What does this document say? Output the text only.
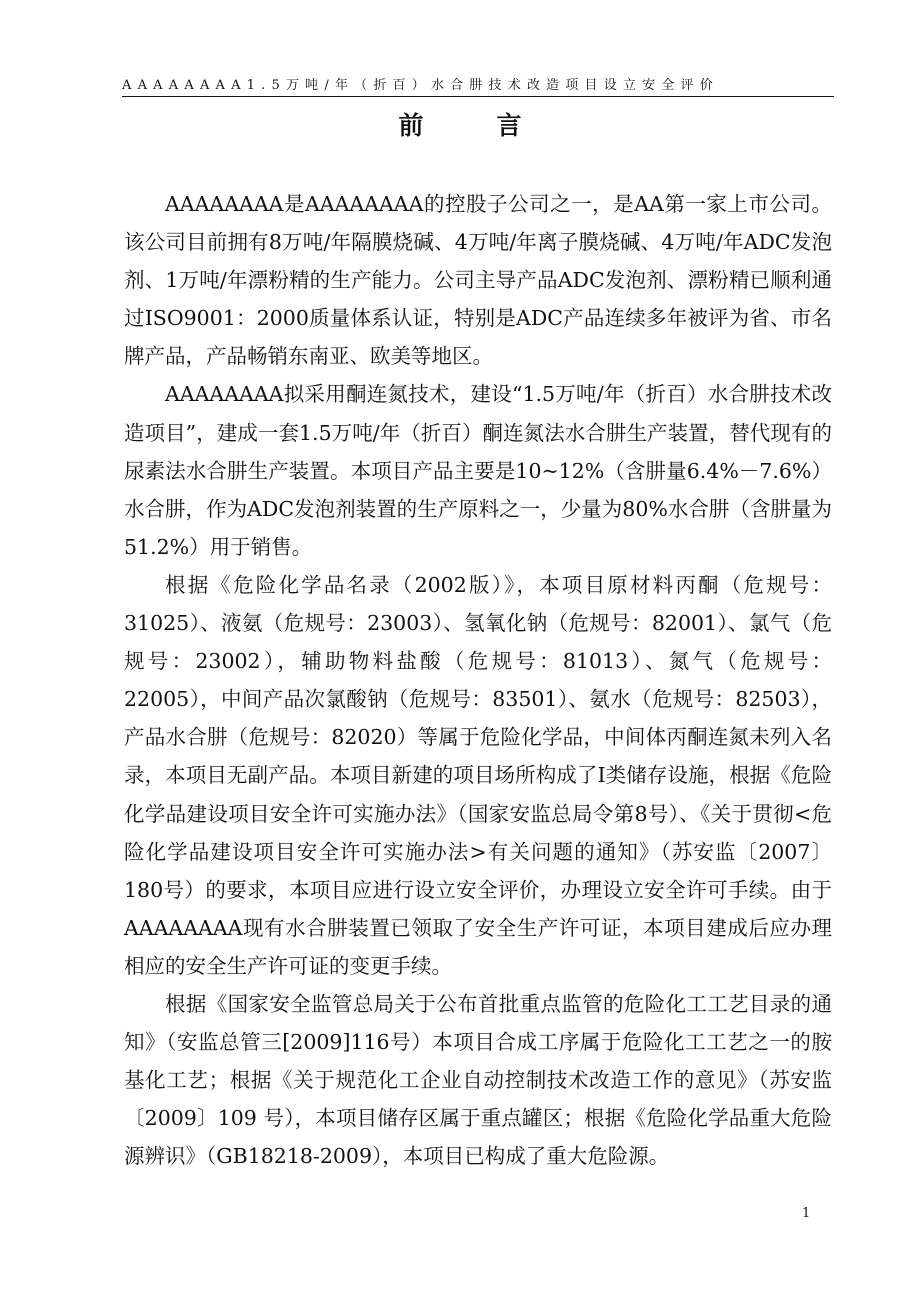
AAAAAAAA1.5万吨/年（折百）水合肼技术改造项目设立安全评价
前　言

AAAAAAAA是AAAAAAAA的控股子公司之一，是AA第一家上市公司。该公司目前拥有8万吨/年隔膜烧碱、4万吨/年离子膜烧碱、4万吨/年ADC发泡剂、1万吨/年漂粉精的生产能力。公司主导产品ADC发泡剂、漂粉精已顺利通过ISO9001：2000质量体系认证，特别是ADC产品连续多年被评为省、市名牌产品，产品畅销东南亚、欧美等地区。

AAAAAAAA拟采用酮连氮技术，建设“1.5万吨/年（折百）水合肼技术改造项目”，建成一套1.5万吨/年（折百）酮连氮法水合肼生产装置，替代现有的尿素法水合肼生产装置。本项目产品主要是10~12%（含肼量6.4%－7.6%）水合肼，作为ADC发泡剂装置的生产原料之一，少量为80%水合肼（含肼量为51.2%）用于销售。

根据《危险化学品名录（2002版）》，本项目原材料丙酮（危规号：31025）、液氨（危规号：23003）、氢氧化钠（危规号：82001）、氯气（危规号：23002），辅助物料盐酸（危规号：81013）、氮气（危规号：22005），中间产品次氯酸钠（危规号：83501）、氨水（危规号：82503），产品水合肼（危规号：82020）等属于危险化学品，中间体丙酮连氮未列入名录，本项目无副产品。本项目新建的项目场所构成了Ⅰ类储存设施，根据《危险化学品建设项目安全许可实施办法》（国家安监总局令第8号）、《关于贯彻<危险化学品建设项目安全许可实施办法>有关问题的通知》（苏安监〔2007〕180号）的要求，本项目应进行设立安全评价，办理设立安全许可手续。由于AAAAAAAA现有水合肼装置已领取了安全生产许可证，本项目建成后应办理相应的安全生产许可证的变更手续。

根据《国家安全监管总局关于公布首批重点监管的危险化工工艺目录的通知》（安监总管三[2009]116号）本项目合成工序属于危险化工工艺之一的胺基化工艺；根据《关于规范化工企业自动控制技术改造工作的意见》（苏安监〔2009〕109 号），本项目储存区属于重点罐区；根据《危险化学品重大危险源辨识》（GB18218-2009），本项目已构成了重大危险源。

1
